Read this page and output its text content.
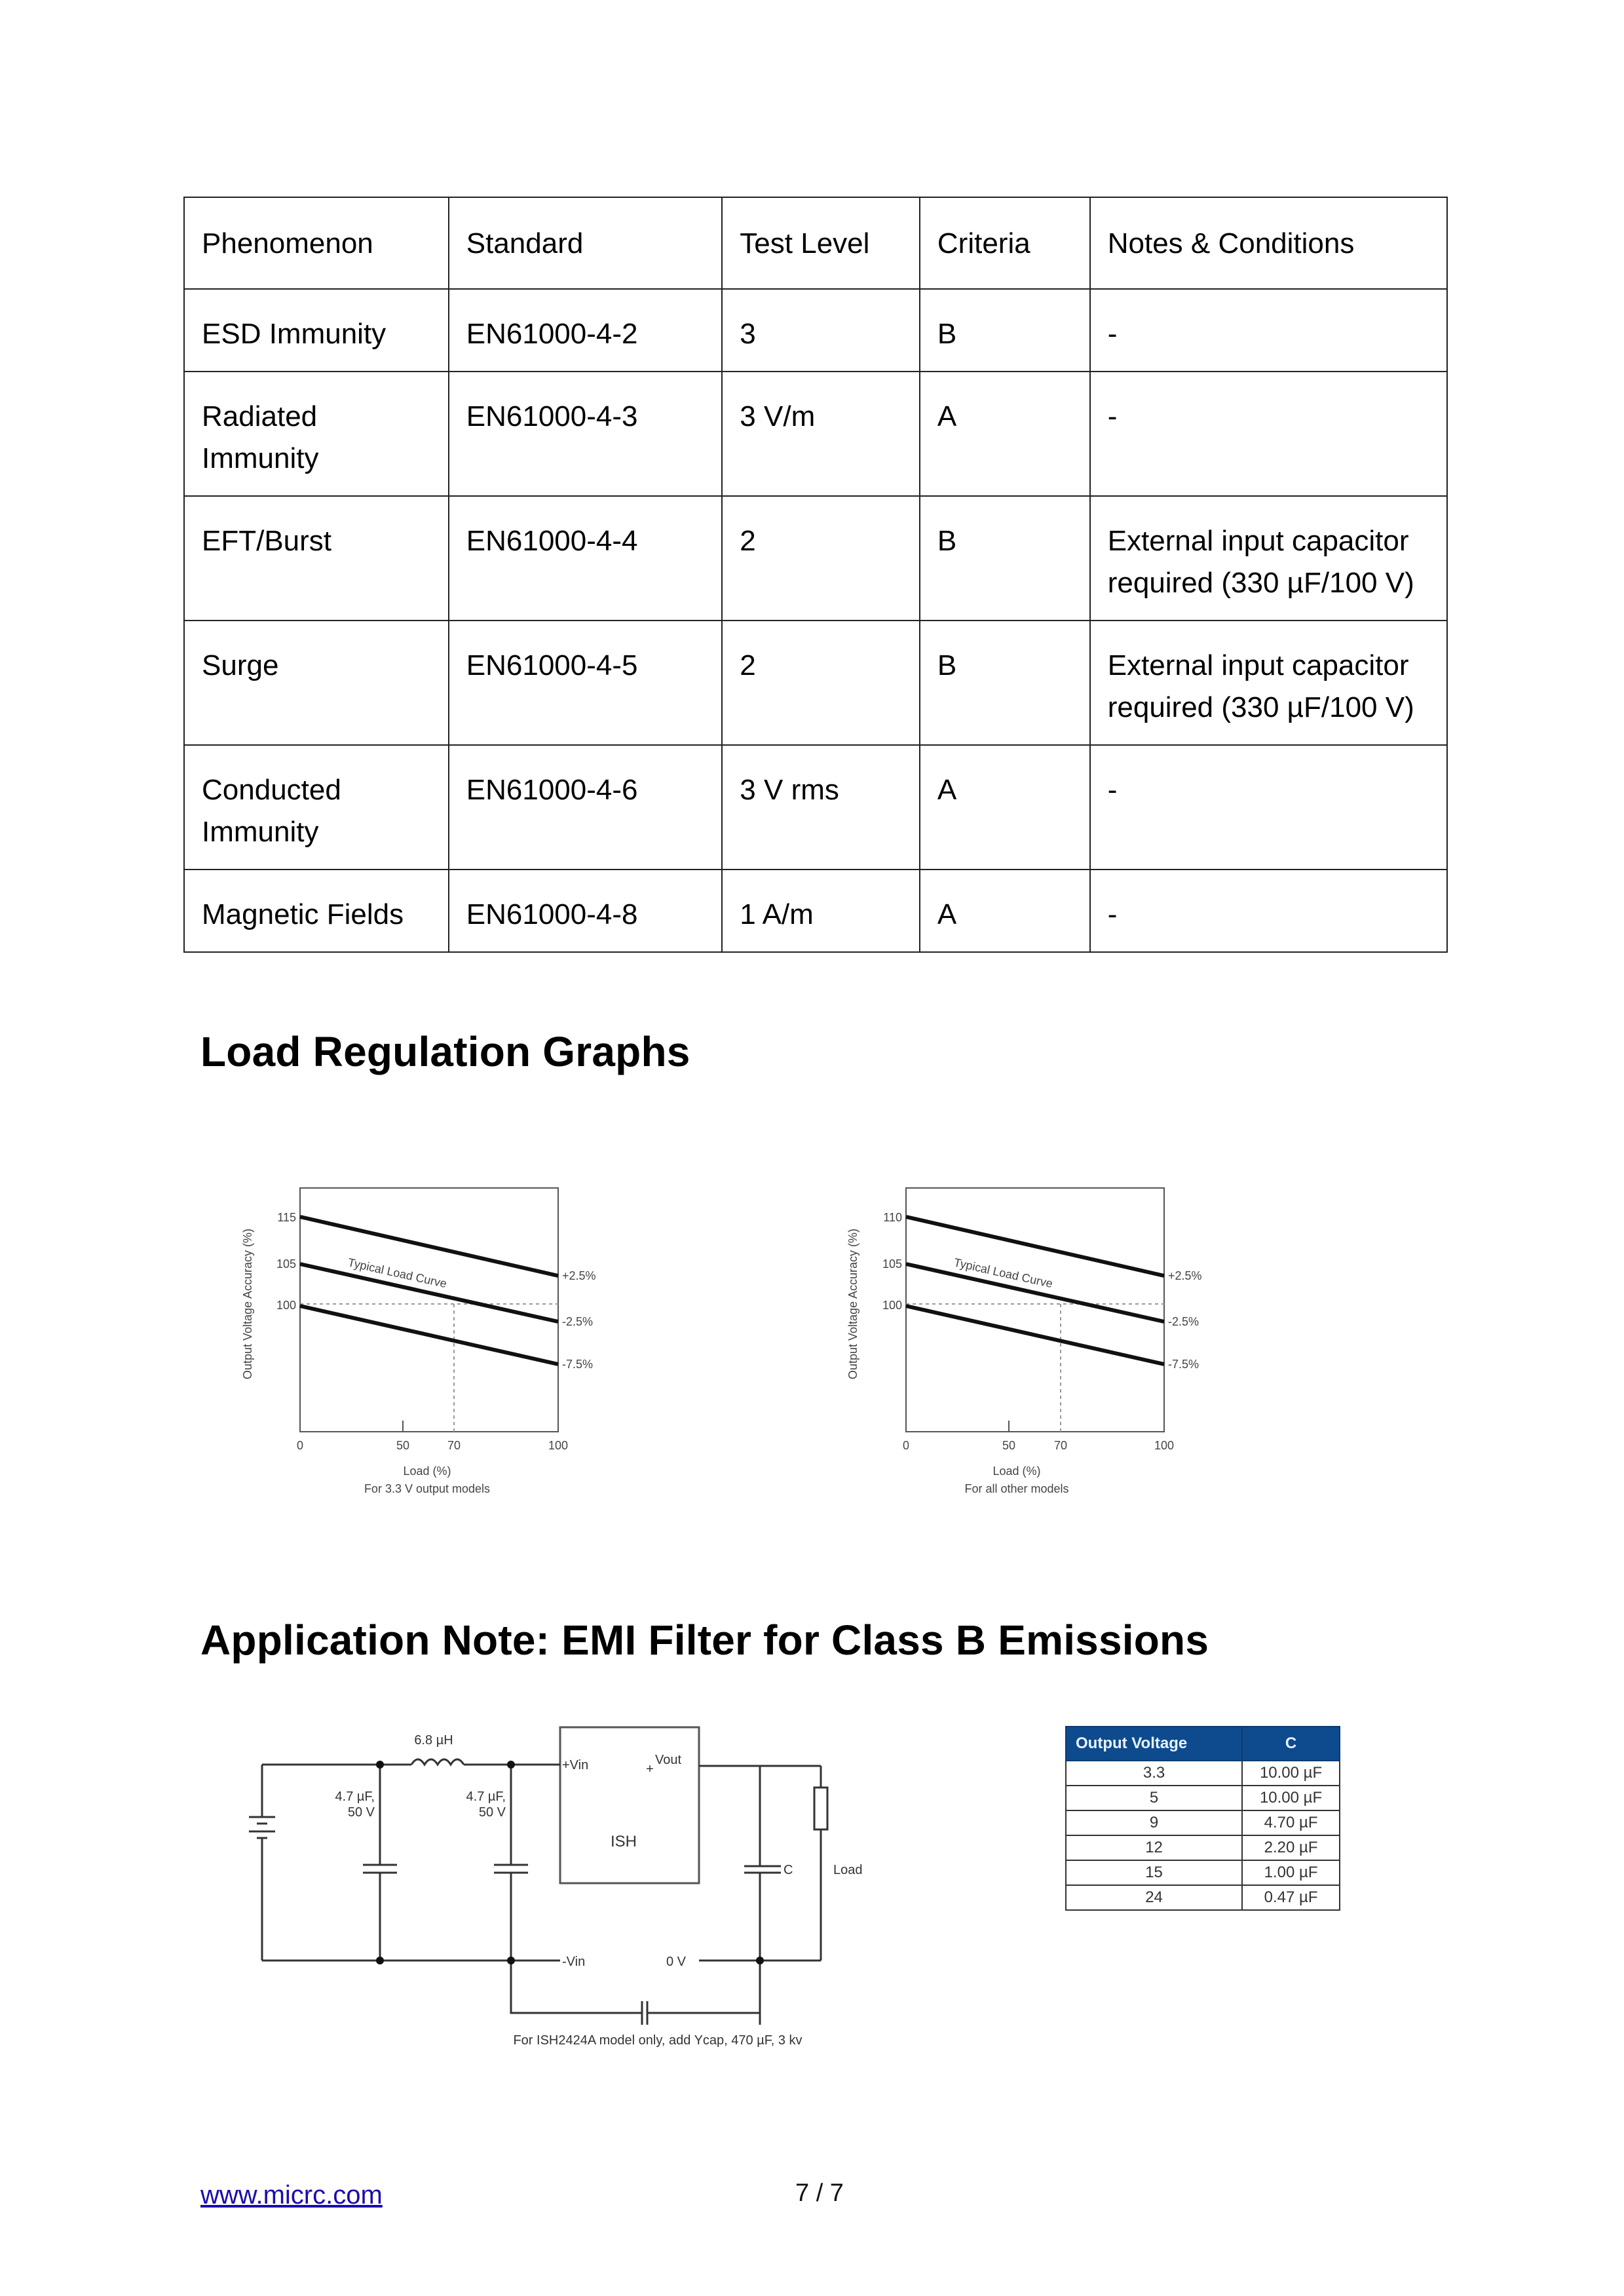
Phenomenon	Standard	Test Level	Criteria	Notes & Conditions
ESD Immunity	EN61000-4-2	3	B	-
Radiated Immunity	EN61000-4-3	3 V/m	A	-
EFT/Burst	EN61000-4-4	2	B	External input capacitor required (330 µF/100 V)
Surge	EN61000-4-5	2	B	External input capacitor required (330 µF/100 V)
Conducted Immunity	EN61000-4-6	3 V rms	A	-
Magnetic Fields	EN61000-4-8	1 A/m	A	-
Load Regulation Graphs
115
105
100
0	50	70	100
+2.5%
-2.5%
-7.5%
Typical Load Curve
Output Voltage Accuracy (%)
Load (%)
For 3.3 V output models
110
105
100
0	50	70	100
+2.5%
-2.5%
-7.5%
Typical Load Curve
Output Voltage Accuracy (%)
Load (%)
For all other models
Application Note: EMI Filter for Class B Emissions
6.8 µH
4.7 µF,
50 V
4.7 µF,
50 V
+Vin
-Vin
Vout
+
0 V
ISH
C	Load
For ISH2424A model only, add Ycap, 470 µF, 3 kv
Output Voltage	C
3.3	10.00 µF
5	10.00 µF
9	4.70 µF
12	2.20 µF
15	1.00 µF
24	0.47 µF
www.micrc.com	7 / 7
